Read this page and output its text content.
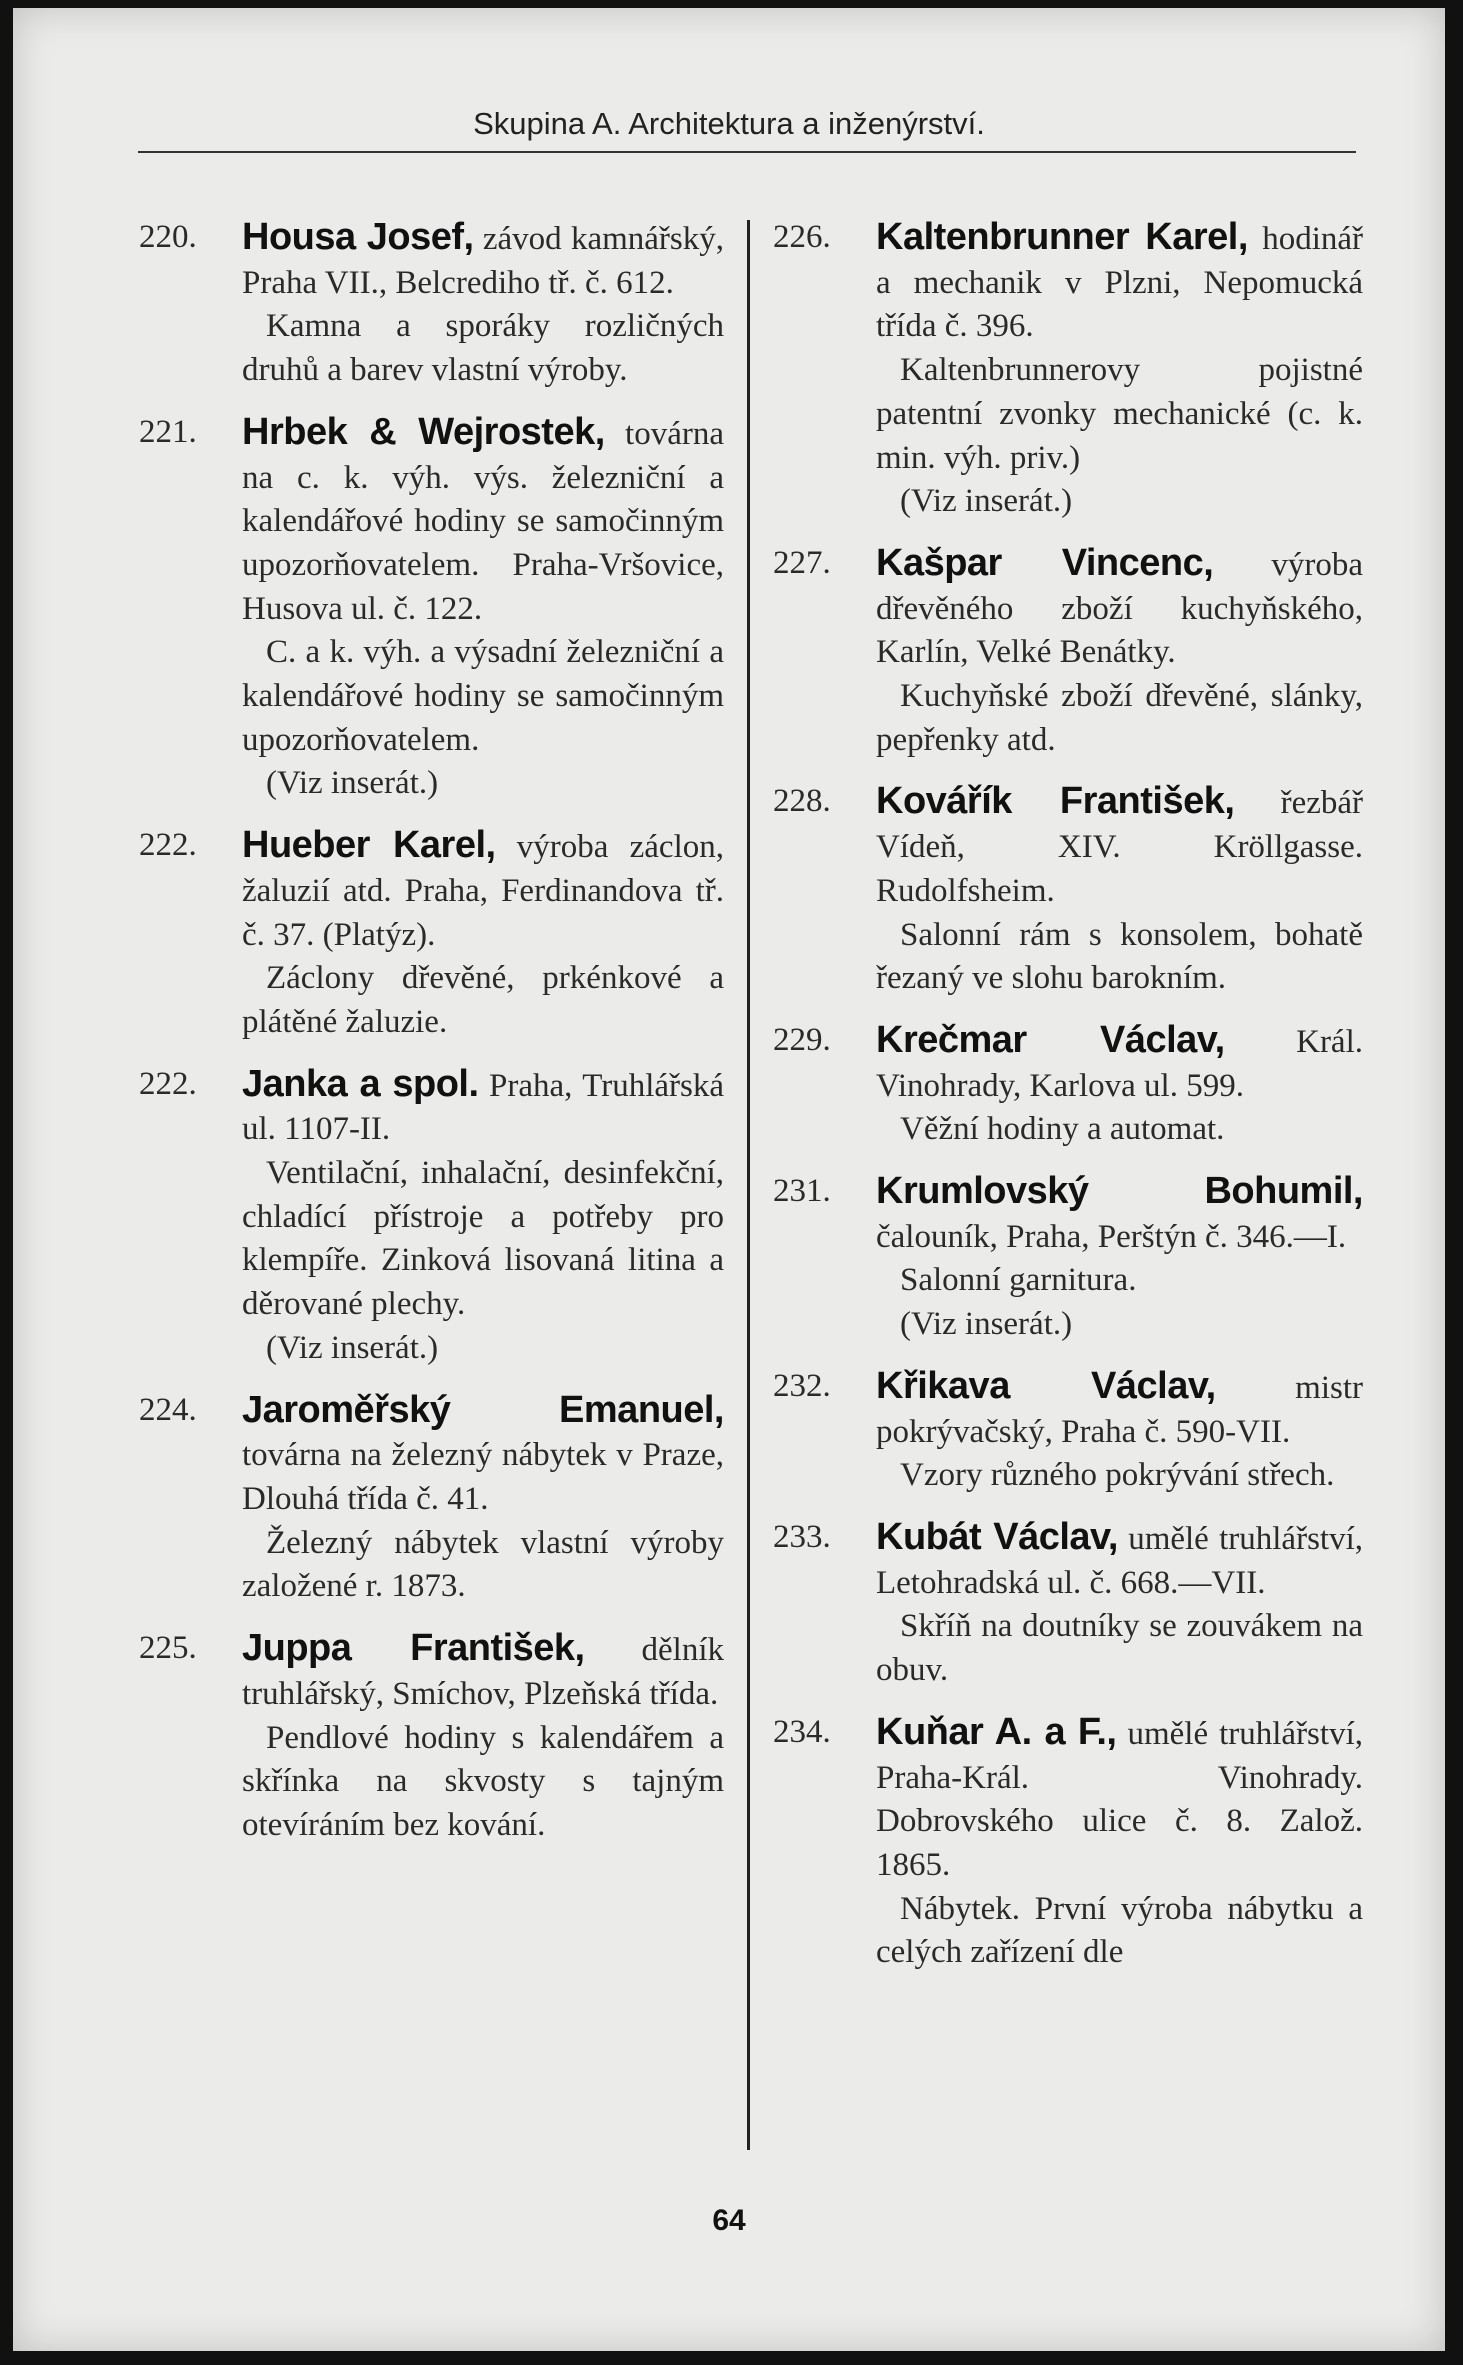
Skupina A. Architektura a inženýrství.
220. Housa Josef, závod kamnářský, Praha VII., Belcrediho tř. č. 612.
Kamna a sporáky rozličných druhů a barev vlastní výroby.
221. Hrbek & Wejrostek, továrna na c. k. výh. výs. železniční a kalendářové hodiny se samočinným upozorňovatelem. Praha-Vršovice, Husova ul. č. 122.
C. a k. výh. a výsadní železniční a kalendářové hodiny se samočinným upozorňovatelem.
(Viz inserát.)
222. Hueber Karel, výroba záclon, žaluzií atd. Praha, Ferdinandova tř. č. 37. (Platýz).
Záclony dřevěné, prkénkové a plátěné žaluzie.
222. Janka a spol. Praha, Truhlářská ul. 1107-II.
Ventilační, inhalační, desinfekční, chladící přístroje a potřeby pro klempíře. Zinková lisovaná litina a děrované plechy.
(Viz inserát.)
224. Jaroměřský Emanuel, továrna na železný nábytek v Praze, Dlouhá třída č. 41.
Železný nábytek vlastní výroby založené r. 1873.
225. Juppa František, dělník truhlářský, Smíchov, Plzeňská třída.
Pendlové hodiny s kalendářem a skřínka na skvosty s tajným otevíráním bez kování.
226. Kaltenbrunner Karel, hodinář a mechanik v Plzni, Nepomucká třída č. 396.
Kaltenbrunnerovy pojistné patentní zvonky mechanické (c. k. min. výh. priv.)
(Viz inserát.)
227. Kašpar Vincenc, výroba dřevěného zboží kuchyňského, Karlín, Velké Benátky.
Kuchyňské zboží dřevěné, slánky, pepřenky atd.
228. Kovářík František, řezbář Vídeň, XIV. Kröllgasse. Rudolfsheim.
Salonní rám s konsolem, bohatě řezaný ve slohu barokním.
229. Krečmar Václav, Král. Vinohrady, Karlova ul. 599.
Věžní hodiny a automat.
231. Krumlovský Bohumil, čalouník, Praha, Perštýn č. 346.—I.
Salonní garnitura.
(Viz inserát.)
232. Křikava Václav, mistr pokrývačský, Praha č. 590-VII.
Vzory různého pokrývání střech.
233. Kubát Václav, umělé truhlářství, Letohradská ul. č. 668.—VII.
Skříň na doutníky se zouvákem na obuv.
234. Kuňar A. a F., umělé truhlářství, Praha-Král. Vinohrady. Dobrovského ulice č. 8. Založ. 1865.
Nábytek. První výroba nábytku a celých zařízení dle
64
